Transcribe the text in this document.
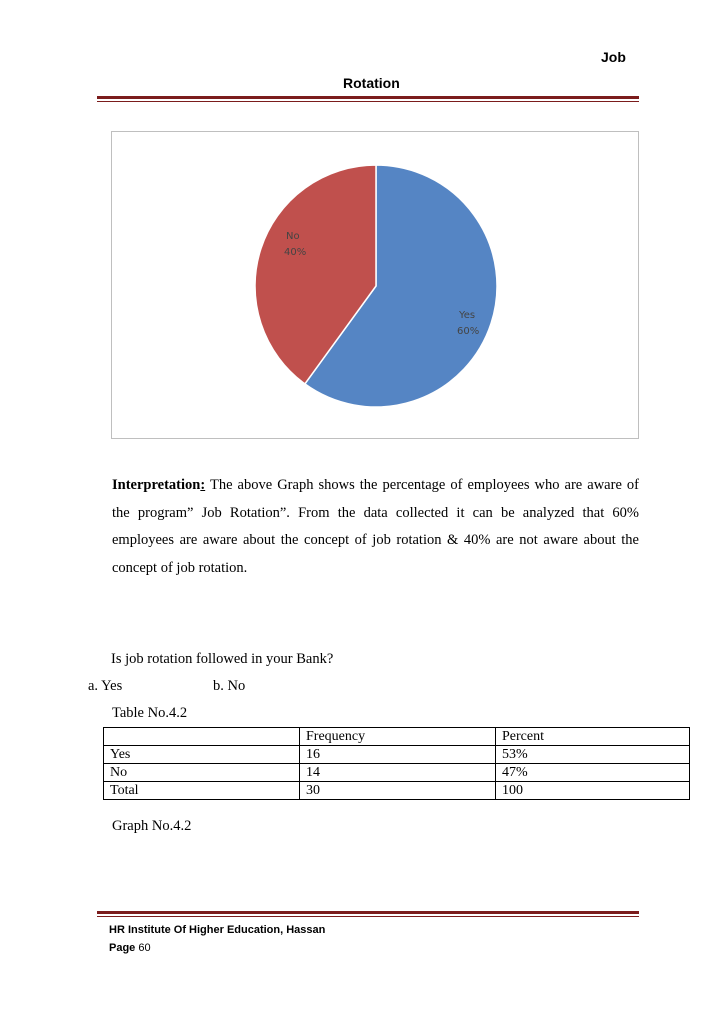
Job
Rotation
Yes
60%
No
40%
Interpretation: The above Graph shows the percentage of employees who are aware of the program” Job Rotation”. From the data collected it can be analyzed that 60% employees are aware about the concept of job rotation & 40% are not aware about the concept of job rotation.
Is job rotation followed in your Bank?
a. Yes	b. No
Table No.4.2
	Frequency	Percent
Yes	16	53%
No	14	47%
Total	30	100
Graph No.4.2
HR Institute Of Higher Education, Hassan
Page 60
